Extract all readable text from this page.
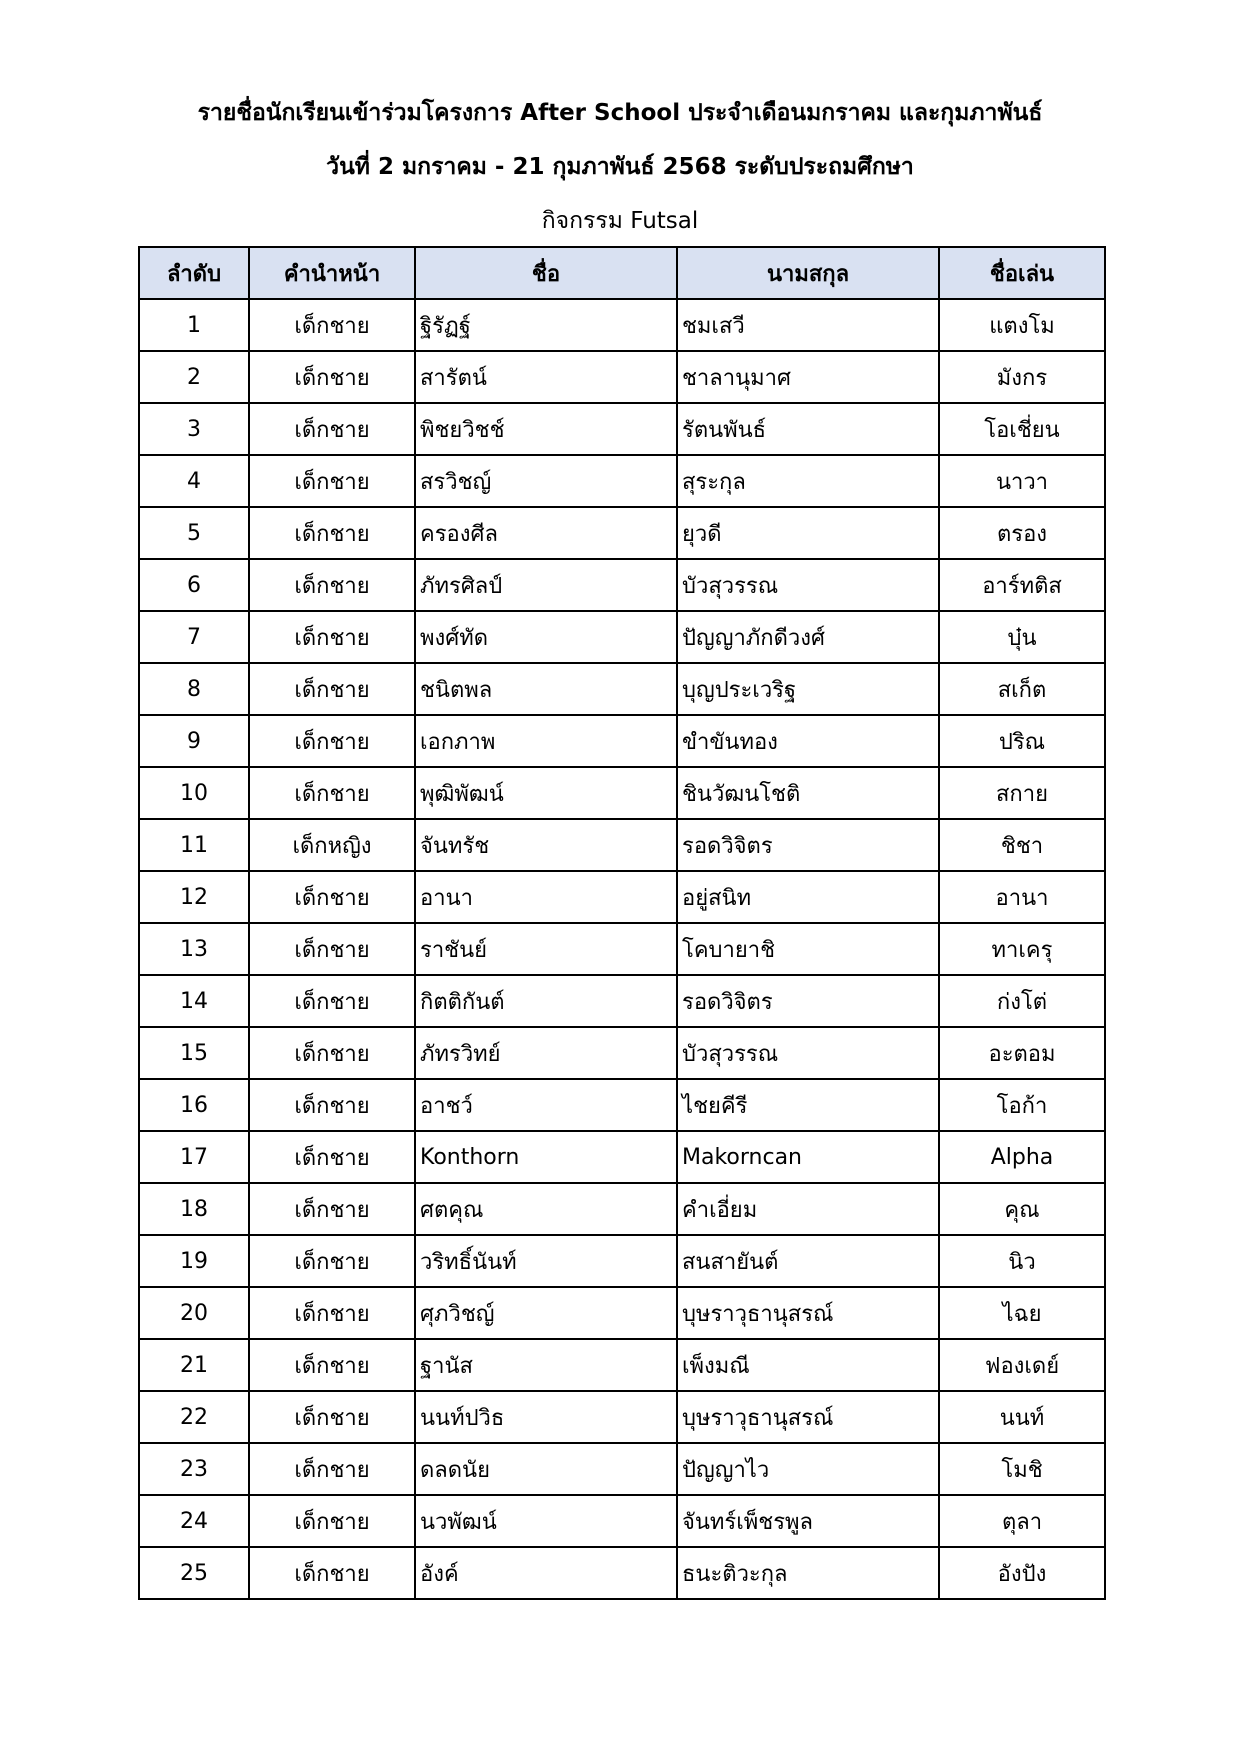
รายชื่อนักเรียนเข้าร่วมโครงการ After School ประจำเดือนมกราคม และกุมภาพันธ์
วันที่ 2 มกราคม - 21 กุมภาพันธ์ 2568 ระดับประถมศึกษา
กิจกรรม Futsal
ลำดับ	คำนำหน้า	ชื่อ	นามสกุล	ชื่อเล่น
1	เด็กชาย	ฐิรัฏฐ์	ชมเสวี	แตงโม
2	เด็กชาย	สารัตน์	ชาลานุมาศ	มังกร
3	เด็กชาย	พิชยวิชช์	รัตนพันธ์	โอเชี่ยน
4	เด็กชาย	สรวิชญ์	สุระกุล	นาวา
5	เด็กชาย	ครองศีล	ยุวดี	ตรอง
6	เด็กชาย	ภัทรศิลป์	บัวสุวรรณ	อาร์ทติส
7	เด็กชาย	พงศ์ทัด	ปัญญาภักดีวงศ์	บุ๋น
8	เด็กชาย	ชนิตพล	บุญประเวริฐ	สเก็ต
9	เด็กชาย	เอกภาพ	ขำขันทอง	ปริณ
10	เด็กชาย	พุฒิพัฒน์	ชินวัฒนโชติ	สกาย
11	เด็กหญิง	จันทรัช	รอดวิจิตร	ชิชา
12	เด็กชาย	อานา	อยู่สนิท	อานา
13	เด็กชาย	ราชันย์	โคบายาชิ	ทาเครุ
14	เด็กชาย	กิตติกันต์	รอดวิจิตร	ก่งโต่
15	เด็กชาย	ภัทรวิทย์	บัวสุวรรณ	อะตอม
16	เด็กชาย	อาชว์	ไชยคีรี	โอก้า
17	เด็กชาย	Konthorn	Makorncan	Alpha
18	เด็กชาย	ศตคุณ	คำเอี่ยม	คุณ
19	เด็กชาย	วริทธิ์นันท์	สนสายันต์	นิว
20	เด็กชาย	ศุภวิชญ์	บุษราวุธานุสรณ์	ไฉย
21	เด็กชาย	ฐานัส	เพ็งมณี	ฟองเดย์
22	เด็กชาย	นนท์ปวิธ	บุษราวุธานุสรณ์	นนท์
23	เด็กชาย	ดลดนัย	ปัญญาไว	โมชิ
24	เด็กชาย	นวพัฒน์	จันทร์เพ็ชรพูล	ตุลา
25	เด็กชาย	อังค์	ธนะติวะกุล	อังปัง
